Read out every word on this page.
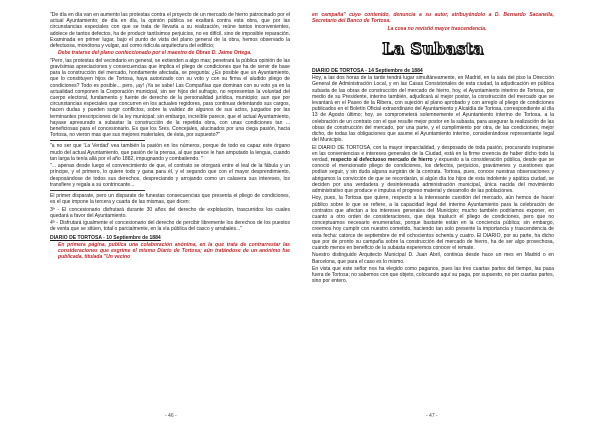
"De día en día van en aumento las protestas contra el proyecto de un mercado de hierro patrocinado por el actual Ayuntamiento; de día en día, la opinión pública se exaltará contra esta obra, que por las circunstancias especiales con que se trata de llevarla a su realización, reúne tantos inconvenientes, adolece de tantos defectos, ha de producir tantísimos perjuicios, no es difícil, sino de imposible reparación. Examinada en primer lugar, bajo el punto de vista del plano general de la obra, hemos observado la defectuosa, monótona y vulgar, así como ridícula arquitectura del edificio;

Debe tratarse del plano confeccionado por el maestro de Obras D. Jaime Ortega.

"Pero, las protestas del vecindario en general, se extienden a algo mas; penetrará la pública opinión de las gravísimas apreciaciones y consecuencias que implica el pliego de condiciones que ha de servir de base para la construcción del mercado, hondamente afectada, se pregunta: ¿Es posible que un Ayuntamiento, que lo constituyen hijos de Tortosa, haya autorizado con su voto y con su firma el aludido pliego de condiciones? Todo es posible... pero, ¡ay! ¡Ya se sabe! Las Compañías que dominan con su voto ya en la actualidad componen la Corporación municipal, sin ser hijos del sufragio, no representan la voluntad del cuerpo electoral, fundamento y fuente de derecho de la personalidad jurídica, municipio; aun que por circunstancias especiales que concurren en los actuales regidores, para continuar detentando sus cargos, hacen dudas y pueden surgir conflictos, sobre la validez de algunos de sus actos, juzgados por las terminantes prescripciones de la ley municipal; sin embargo, increíble parece, que el actual Ayuntamiento, hayase apresurado a subastar la construcción de la repetida obra, con unas condiciones tan ... beneficiosas para el concesionario. Es que los Sres. Concejales, alucinados por una ciega pasión, hacia Tortosa, no vieron mas que sus mejores materiales, de ésta, por supuesto?"

"a no ser que 'La Verdad' vea también la pasión en los números, porque de todo es capaz este órgano mudo del actual Ayuntamiento, que pasión de la prensa, al que parece le han amputado la lengua, cuando tan larga la tenía allá por el año 1882, impugnando y combatiendo. "

"... apenas desde luego el convencimiento de que, el contrato se otorgará entre el leal de la fábula y un príncipe, y el primero, lo quiere todo y gana para él, y el segundo que con el mayor desprendimiento, desposándose de todos sus derechos, despreciando y arrojando como un calavera sus intereses, los transfiere y regala a su contrincante...

El primer disparate, pero un disparate de funestas consecuencias que presenta el pliego de condiciones, es el que impone la tercera y cuarta de las mismas, que dicen:

3ª - El concesionario disfrutará durante 30 años del derecho de explotación, trascurridos los cuales quedará a favor del Ayuntamiento.

4ª - Disfrutará igualmente el concesionario del derecho de percibir libremente los derechos de los puestos de venta que se sitúen, total o parcialmente, en la vía pública del casco y arrabales..."

DIARIO DE TORTOSA - 10 Septiembre de 1884

En primera página, publica una colaboración anónima, en la que trata de contrarrestar las consideraciones que esgrime el mismo Diario de Tortosa; aún tratándose de un anónimo fue publicada, titulada "Un vecino

en campaña" cuyo contenido, denuncia a su autor, atribuyéndolo a D. Bernardo Sacanella, Secretario del Banco de Tortosa.

La cosa no revistió mayor trascendencia.

La Subasta

DIARIO DE TORTOSA - 14 Septiembre de 1884

Hoy, a las dos horas de la tarde tendrá lugar simultáneamente, en Madrid, en la sala del piso la Dirección General de Administración Local, y en las Casas Consistoriales de esta ciudad, la adjudicación en pública subasta de las obras de construcción del mercado de hierro, hoy, el Ayuntamiento interino de Tortosa, por medio de su Presidente, interino también, adjudicará al mejor postor, la construcción del mercado que se levantará en el Paseo de la Ribera, con sujeción al plano aprobado y con arreglo al pliego de condiciones publicados en el Boletín Oficial extraordinario del Ayuntamiento y Alcaldía de Tortosa, correspondiente al día 13 de Agosto último; hoy, se comprometerá solemnemente el Ayuntamiento interino de Tortosa, a la celebración de un contrato con el que resulte mejor postor en la subasta, para asegurar la realización de las obras de construcción del mercado, por una parte, y el cumplimiento por otra, de las condiciones, mejor dicho, de todas las obligaciones que asume el Ayuntamiento interino, considerándose representante legal del Municipio.

El DIARIO DE TORTOSA, con la mayor imparcialidad, y desposado de toda pasión, procurando inspirarse en las conveniencias e intereses generales de la Ciudad, está en la firme creencia de haber dicho todo la verdad, respecto al defectuoso mercado de hierro y expuesto a la consideración pública, desde que se conoció el mencionado pliego de condiciones, los defectos, perjuicios, gravámenes y cuestiones que podían seguir, y sin duda alguna surgirán de la contrata. Tortosa, pues, conoce nuestras observaciones y abrigamos la convicción de que se recordarán, si algún día los hijos de esta indolente y apática ciudad, se deciden por una verdadera y desinteresada administración municipal, única nacida del movimiento administrativo que produce e impulsa el progreso material y desarrollo de las poblaciones.

Hoy, pues, la Tortosa que quiere, respecto a la interesante cuestión del mercado, aún hemos de hacer público sobre lo que se refiere, a la capacidad legal del interino Ayuntamiento para la celebración de contratos que afectan a los intereses generales del Municipio; mucho también podríamos exponer, en cuanto a otro orden de consideraciones, que deja traslucir el pliego de condiciones, pero que no conceptuamos necesario enumerarlas, porque bastante están en la conciencia pública; sin embargo, creemos hoy cumplir con nuestro cometido, haciendo tan solo presente la importancia y trascendencia de esta fecha: catorce de septiembre de mil ochocientos ochenta y cuatro. El DIARIO, por su parte, ha dicho que por de pronto su campaña sobre la construcción del mercado de hierro, ha de ser algo provechosa, cuando menos en beneficio de la subasta esperemos conocer el remate.

Nuestro distinguido Arquitecto Municipal D. Juan Abril, continúa desde hace un mes en Madrid o en Barcelona, que para el caso es lo mismo.

En vista que este señor nos ha elegido como paganos, pues las tres cuartas partes del tiempo, las pasa fuera de Tortosa; no sabemos con que objeto, colocando aquí su paga, por supuesto, no por cuartas partes, sino por entero.

- 46 -	- 47 -
